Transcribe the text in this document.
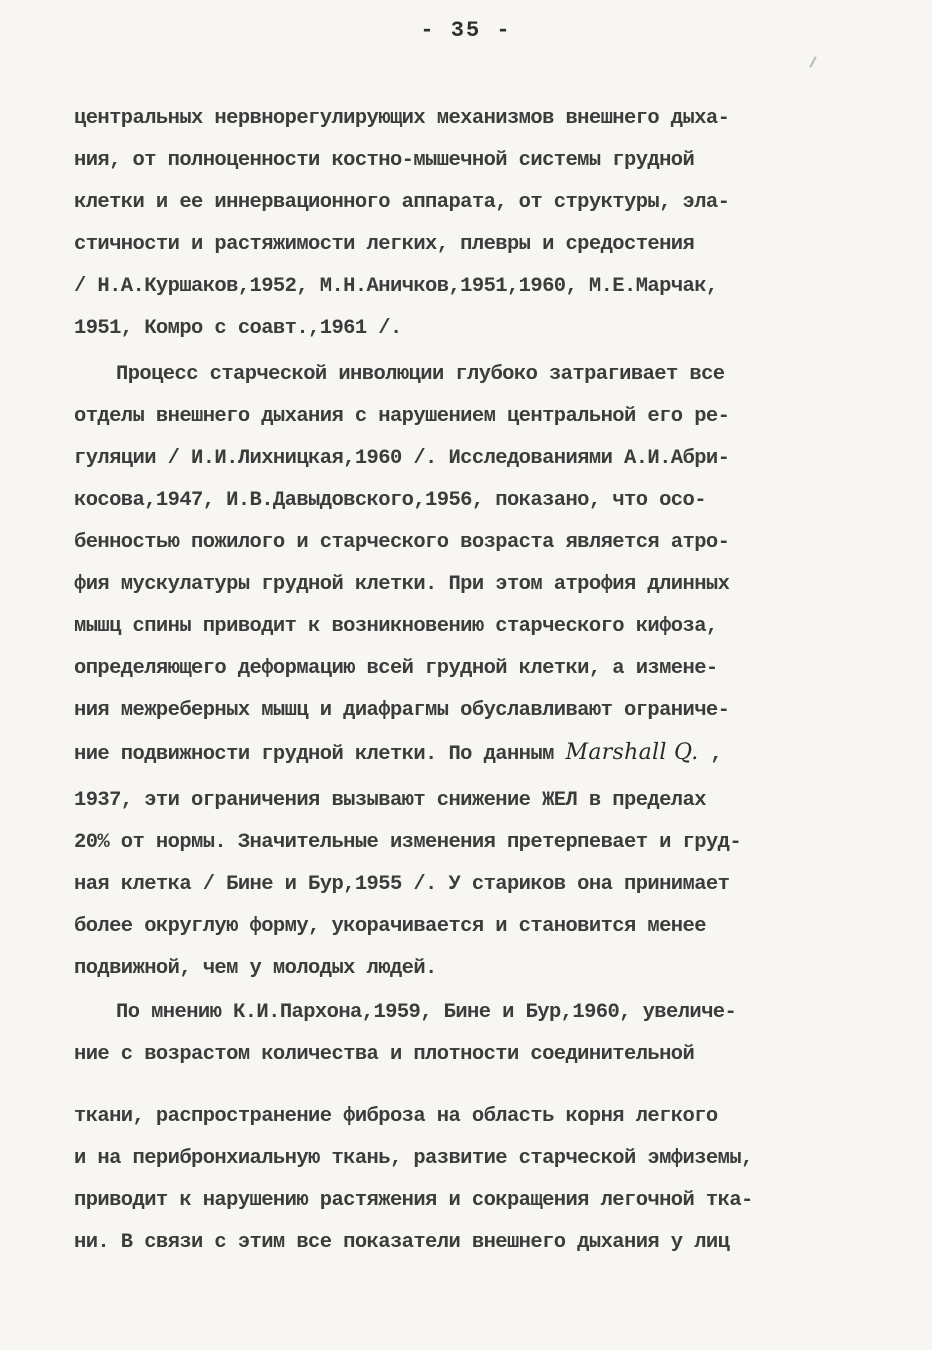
- 35 -
центральных нервнорегулирующих механизмов внешнего дыха-
ния, от полноценности костно-мышечной системы грудной
клетки и ее иннервационного аппарата, от структуры, эла-
стичности и растяжимости легких, плевры и средостения
/ Н.А.Куршаков,1952, М.Н.Аничков,1951,1960, М.Е.Марчак,
1951, Комро с соавт.,1961 /.
Процесс старческой инволюции глубоко затрагивает все
отделы внешнего дыхания с нарушением центральной его ре-
гуляции / И.И.Лихницкая,1960 /. Исследованиями А.И.Абри-
косова,1947, И.В.Давыдовского,1956, показано, что осо-
бенностью пожилого и старческого возраста является атро-
фия мускулатуры грудной клетки. При этом атрофия длинных
мышц спины приводит к возникновению старческого кифоза,
определяющего деформацию всей грудной клетки, а измене-
ния межреберных мышц и диафрагмы обуславливают ограниче-
ние подвижности грудной клетки. По данным Marshall Q. ,
1937, эти ограничения вызывают снижение ЖЕЛ в пределах
20% от нормы. Значительные изменения претерпевает и груд-
ная клетка / Бине и Бур,1955 /. У стариков она принимает
более округлую форму, укорачивается и становится менее
подвижной, чем у молодых людей.
По мнению К.И.Пархона,1959, Бине и Бур,1960, увеличе-
ние с возрастом количества и плотности соединительной
ткани, распространение фиброза на область корня легкого
и на перибронхиальную ткань, развитие старческой эмфиземы,
приводит к нарушению растяжения и сокращения легочной тка-
ни. В связи с этим все показатели внешнего дыхания у лиц
